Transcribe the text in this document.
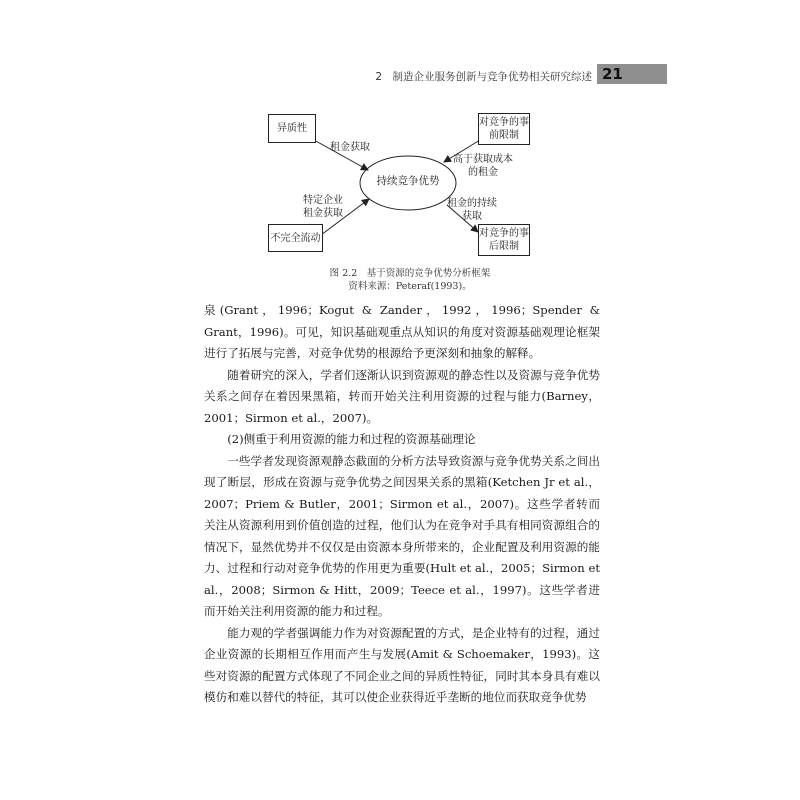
2　制造企业服务创新与竞争优势相关研究综述 21
异质性
不完全流动
对竞争的事
前限制
对竞争的事
后限制
持续竞争优势
租金获取
特定企业
租金获取
高于获取成本
的租金
租金的持续
获取
图 2.2　基于资源的竞争优势分析框架
资料来源：Peteraf(1993)。

泉(Grant，1996；Kogut & Zander，1992，1996；Spender & Grant，1996)。可见，知识基础观重点从知识的角度对资源基础观理论框架进行了拓展与完善，对竞争优势的根源给予更深刻和抽象的解释。

随着研究的深入，学者们逐渐认识到资源观的静态性以及资源与竞争优势关系之间存在着因果黑箱，转而开始关注利用资源的过程与能力(Barney，2001；Sirmon et al.，2007)。

(2)侧重于利用资源的能力和过程的资源基础理论

一些学者发现资源观静态截面的分析方法导致资源与竞争优势关系之间出现了断层，形成在资源与竞争优势之间因果关系的黑箱(Ketchen Jr et al.，2007；Priem & Butler，2001；Sirmon et al.，2007)。这些学者转而关注从资源利用到价值创造的过程，他们认为在竞争对手具有相同资源组合的情况下，显然优势并不仅仅是由资源本身所带来的，企业配置及利用资源的能力、过程和行动对竞争优势的作用更为重要(Hult et al.，2005；Sirmon et al.，2008；Sirmon & Hitt，2009；Teece et al.，1997)。这些学者进而开始关注利用资源的能力和过程。

能力观的学者强调能力作为对资源配置的方式，是企业特有的过程，通过企业资源的长期相互作用而产生与发展(Amit & Schoemaker，1993)。这些对资源的配置方式体现了不同企业之间的异质性特征，同时其本身具有难以模仿和难以替代的特征，其可以使企业获得近乎垄断的地位而获取竞争优势
